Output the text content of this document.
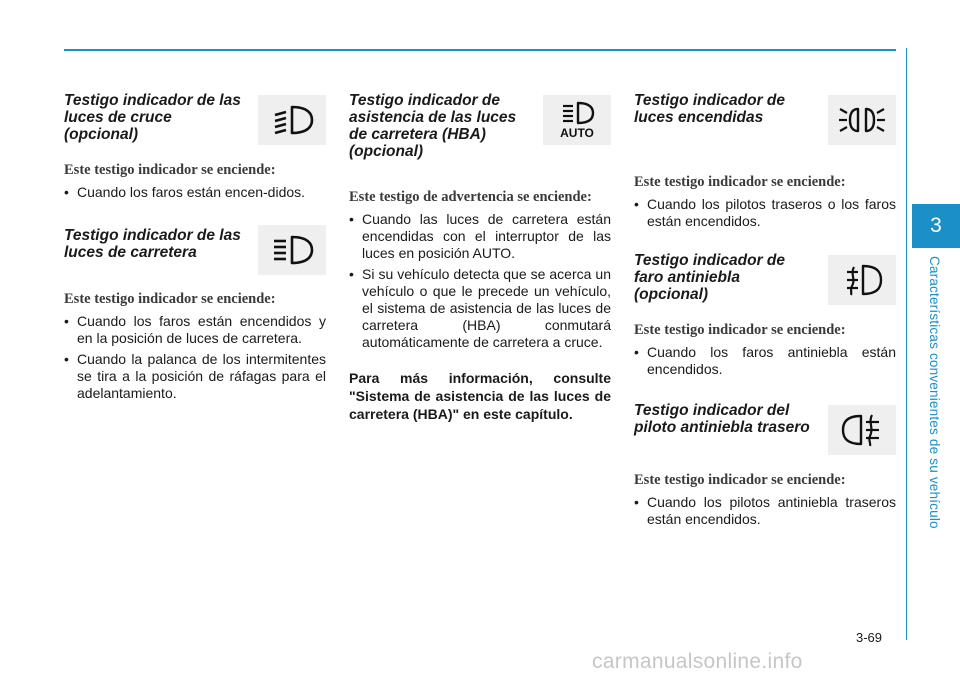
3
Características convenientes de su vehículo
Testigo indicador de las luces de cruce (opcional)

Este testigo indicador se enciende:

• Cuando los faros están encen-didos.
Testigo indicador de las luces de carretera

Este testigo indicador se enciende:

• Cuando los faros están encendidos y en la posición de luces de carretera.
• Cuando la palanca de los intermitentes se tira a la posición de ráfagas para el adelantamiento.
Testigo indicador de asistencia de las luces de carretera (HBA) (opcional)
AUTO

Este testigo de advertencia se enciende:

• Cuando las luces de carretera están encendidas con el interruptor de las luces en posición AUTO.
• Si su vehículo detecta que se acerca un vehículo o que le precede un vehículo, el sistema de asistencia de las luces de carretera (HBA) conmutará automáticamente de carretera a cruce.

Para más información, consulte "Sistema de asistencia de las luces de carretera (HBA)" en este capítulo.

Testigo indicador de luces encendidas

Este testigo indicador se enciende:

• Cuando los pilotos traseros o los faros están encendidos.
Testigo indicador de faro antiniebla (opcional)

Este testigo indicador se enciende:

• Cuando los faros antiniebla están encendidos.
Testigo indicador del piloto antiniebla trasero

Este testigo indicador se enciende:

• Cuando los pilotos antiniebla traseros están encendidos.
3-69
carmanualsonline.info
